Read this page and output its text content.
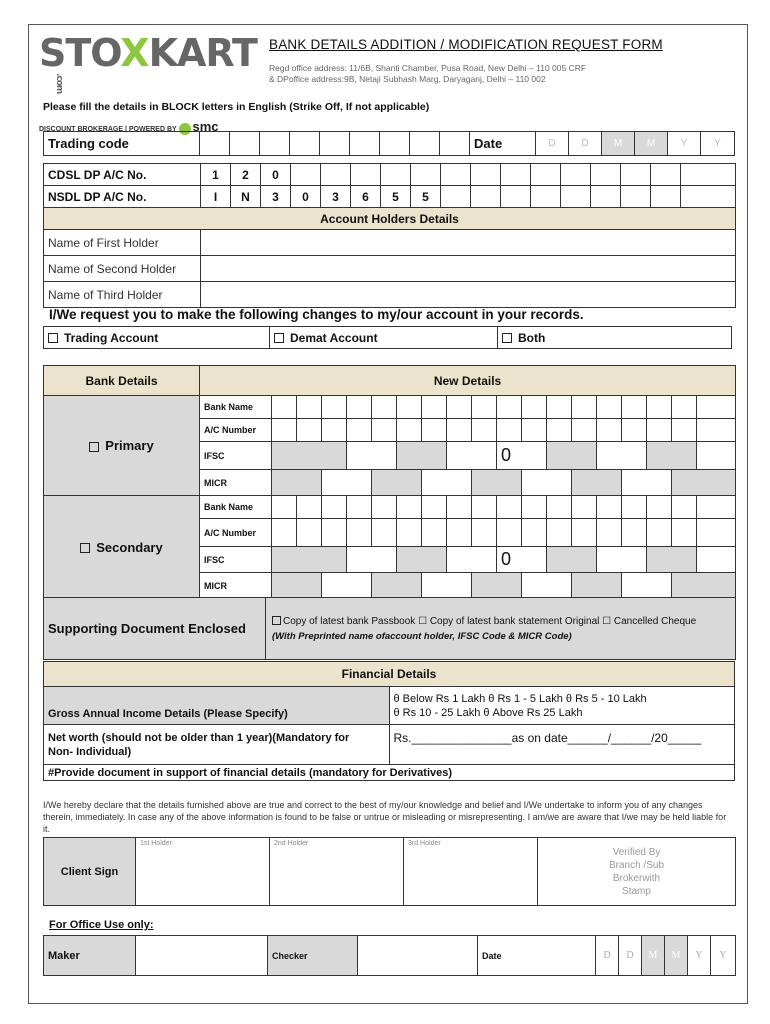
STOXKART .com
DISCOUNT BROKERAGE | POWERED BY smc
BANK DETAILS ADDITION / MODIFICATION REQUEST FORM
Regd office address: 11/6B, Shanti Chamber, Pusa Road, New Delhi – 110 005 CRF
& DPoffice address:9B, Netaji Subhash Marg, Daryaganj, Delhi – 110 002
Please fill the details in BLOCK letters in English (Strike Off, If not applicable)
Trading code										Date	D	D	M	M	Y	Y
CDSL DP A/C No.	1	2	0														
NSDL DP A/C No.	I	N	3	0	3	6	5	5									
Account Holders Details																	
Name of First Holder																	
Name of Second Holder																	
Name of Third Holder																	
I/We request you to make the following changes to my/our account in your records.
Trading Account	Demat Account	Both
Bank Details	New Details																			
Primary	Bank Name																			
	A/C Number																			
	IFSC										0									
	MICR																			
Secondary	Bank Name																			
	A/C Number																			
	IFSC										0									
	MICR																			
Supporting Document Enclosed	Copy of latest bank Passbook ☐ Copy of latest bank statement Original ☐ Cancelled Cheque
(With Preprinted name ofaccount holder, IFSC Code & MICR Code)
Financial Details	
Gross Annual Income Details (Please Specify)	θ Below Rs 1 Lakh θ Rs 1 - 5 Lakh θ Rs 5 - 10 Lakh
θ Rs 10 - 25 Lakh θ Above Rs 25 Lakh

Net worth (should not be older than 1 year)(Mandatory for
Non- Individual)	Rs._______________as on date______/______/20_____
#Provide document in support of financial details (mandatory for Derivatives)	
I/We hereby declare that the details furnished above are true and correct to the best of my/our knowledge and belief and I/We undertake to inform you of any changes therein, immediately. In case any of the above information is found to be false or untrue or misleading or misrepresenting. I am/we are aware that I/we may be held liable for it.
Client Sign	1st Holder	2nd Holder	3rd Holder	Verified By Branch /Sub Brokerwith Stamp
For Office Use only:
Maker		Checker		Date	D	D	M	M	Y	Y
